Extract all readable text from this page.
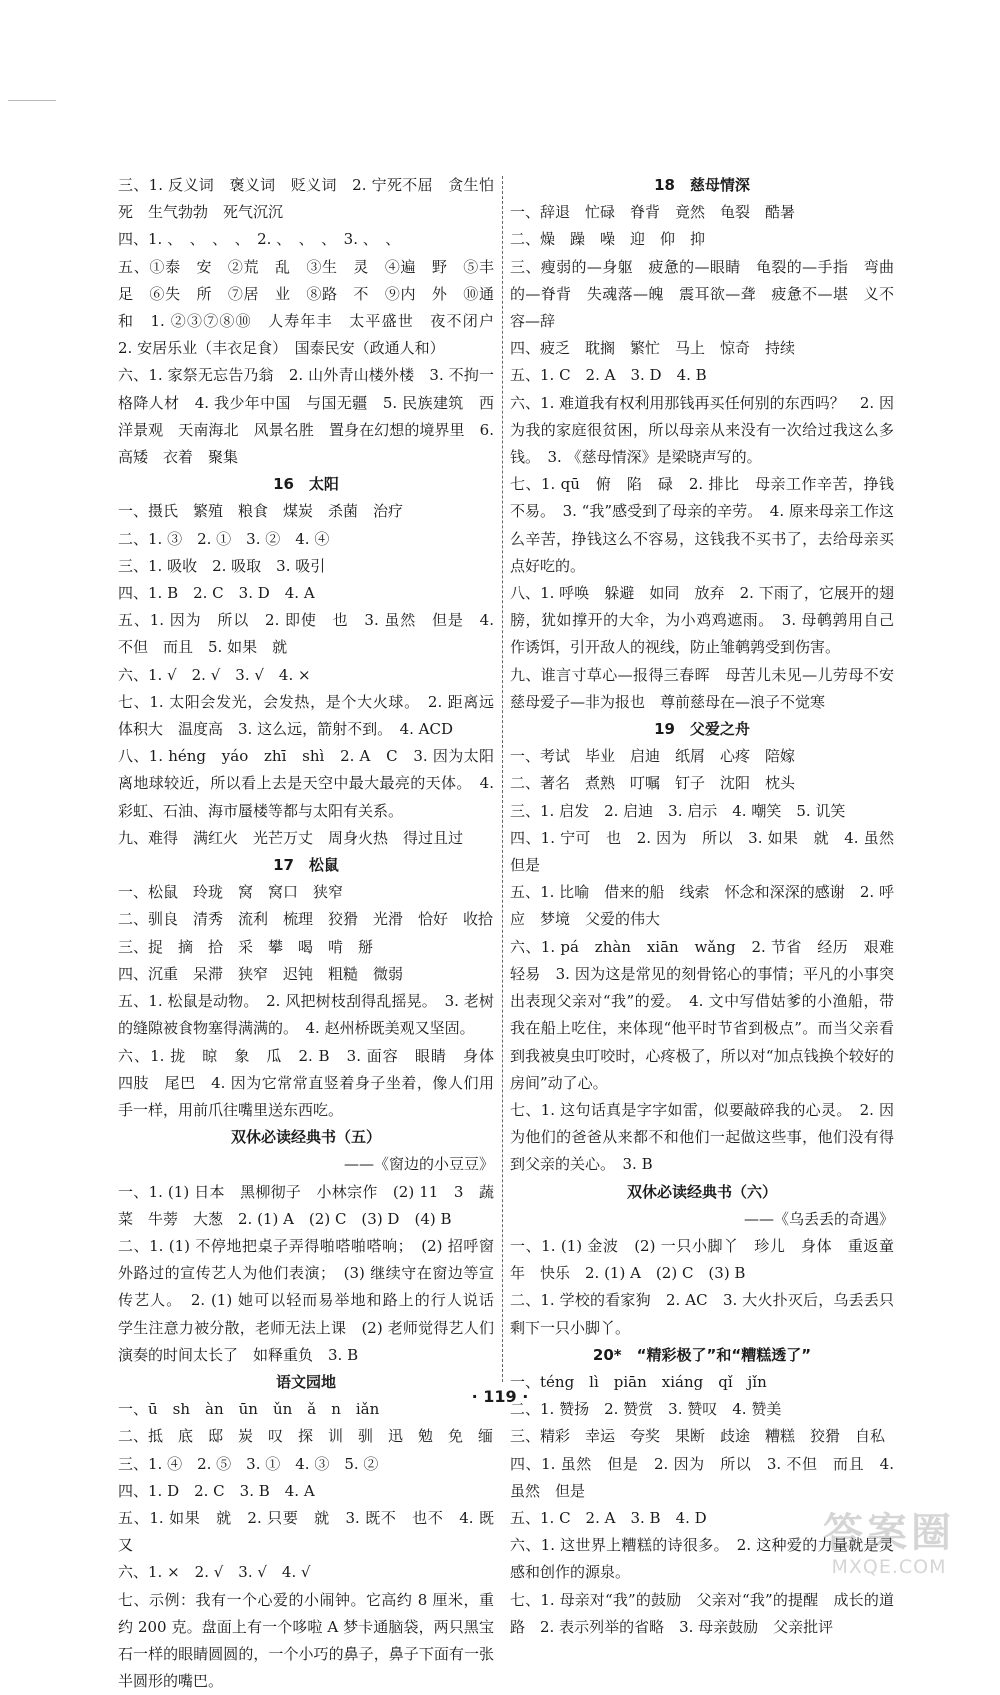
三、1. 反义词　褒义词　贬义词　2. 宁死不屈　贪生怕死　生气勃勃　死气沉沉

四、1. 、　、　、　、　2. 、　、　、　3. 、　、

五、①泰　安　②荒　乱　③生　灵　④遍　野　⑤丰　足　⑥失　所　⑦居　业　⑧路　不　⑨内　外　⑩通　和　1. ②③⑦⑧⑩　人寿年丰　太平盛世　夜不闭户　2. 安居乐业（丰衣足食）　国泰民安（政通人和）

六、1. 家祭无忘告乃翁　2. 山外青山楼外楼　3. 不拘一格降人材　4. 我少年中国　与国无疆　5. 民族建筑　西洋景观　天南海北　风景名胜　置身在幻想的境界里　6. 高矮　衣着　聚集

16　太阳

一、摄氏　繁殖　粮食　煤炭　杀菌　治疗

二、1. ③　2. ①　3. ②　4. ④

三、1. 吸收　2. 吸取　3. 吸引

四、1. B　2. C　3. D　4. A

五、1. 因为　所以　2. 即使　也　3. 虽然　但是　4. 不但　而且　5. 如果　就

六、1. √　2. √　3. √　4. ×

七、1. 太阳会发光，会发热，是个大火球。　2. 距离远　体积大　温度高　3. 这么远，箭射不到。　4. ACD

八、1. héng　yáo　zhī　shì　2. A　C　3. 因为太阳离地球较近，所以看上去是天空中最大最亮的天体。　4. 彩虹、石油、海市蜃楼等都与太阳有关系。

九、难得　满红火　光芒万丈　周身火热　得过且过

17　松鼠

一、松鼠　玲珑　窝　窝口　狭窄

二、驯良　清秀　流利　梳理　狡猾　光滑　恰好　收拾

三、捉　摘　拾　采　攀　喝　啃　掰

四、沉重　呆滞　狭窄　迟钝　粗糙　微弱

五、1. 松鼠是动物。　2. 风把树枝刮得乱摇晃。　3. 老树的缝隙被食物塞得满满的。　4. 赵州桥既美观又坚固。

六、1. 拢　晾　象　瓜　2. B　3. 面容　眼睛　身体　四肢　尾巴　4. 因为它常常直竖着身子坐着，像人们用手一样，用前爪往嘴里送东西吃。

双休必读经典书（五）

——《窗边的小豆豆》

一、1. (1) 日本　黑柳彻子　小林宗作　(2) 11　3　蔬菜　牛蒡　大葱　2. (1) A　(2) C　(3) D　(4) B

二、1. (1) 不停地把桌子弄得啪嗒啪嗒响；　(2) 招呼窗外路过的宣传艺人为他们表演；　(3) 继续守在窗边等宣传艺人。　2. (1) 她可以轻而易举地和路上的行人说话　学生注意力被分散，老师无法上课　(2) 老师觉得艺人们演奏的时间太长了　如释重负　3. B

语文园地

一、ū　sh　àn　ūn　ǔn　ǎ　n　iǎn

二、抵　底　邸　炭　叹　探　训　驯　迅　勉　免　缅

三、1. ④　2. ⑤　3. ①　4. ③　5. ②

四、1. D　2. C　3. B　4. A

五、1. 如果　就　2. 只要　就　3. 既不　也不　4. 既　又

六、1. ×　2. √　3. √　4. √

七、示例：我有一个心爱的小闹钟。它高约 8 厘米，重约 200 克。盘面上有一个哆啦 A 梦卡通脑袋，两只黑宝石一样的眼睛圆圆的，一个小巧的鼻子，鼻子下面有一张半圆形的嘴巴。

18　慈母情深

一、辞退　忙碌　脊背　竟然　龟裂　酷暑

二、燥　躁　噪　迎　仰　抑

三、瘦弱的—身躯　疲惫的—眼睛　龟裂的—手指　弯曲的—脊背　失魂落—魄　震耳欲—聋　疲惫不—堪　义不容—辞

四、疲乏　耽搁　繁忙　马上　惊奇　持续

五、1. C　2. A　3. D　4. B

六、1. 难道我有权利用那钱再买任何别的东西吗？　2. 因为我的家庭很贫困，所以母亲从来没有一次给过我这么多钱。　3. 《慈母情深》是梁晓声写的。

七、1. qū　俯　陷　碌　2. 排比　母亲工作辛苦，挣钱不易。　3. “我”感受到了母亲的辛劳。　4. 原来母亲工作这么辛苦，挣钱这么不容易，这钱我不买书了，去给母亲买点好吃的。

八、1. 呼唤　躲避　如同　放弃　2. 下雨了，它展开的翅膀，犹如撑开的大伞，为小鸡鸡遮雨。　3. 母鹌鹑用自己作诱饵，引开敌人的视线，防止雏鹌鹑受到伤害。

九、谁言寸草心—报得三春晖　母苦儿未见—儿劳母不安　慈母爱子—非为报也　尊前慈母在—浪子不觉寒

19　父爱之舟

一、考试　毕业　启迪　纸屑　心疼　陪嫁

二、著名　煮熟　叮嘱　钉子　沈阳　枕头

三、1. 启发　2. 启迪　3. 启示　4. 嘲笑　5. 讥笑

四、1. 宁可　也　2. 因为　所以　3. 如果　就　4. 虽然　但是

五、1. 比喻　借来的船　线索　怀念和深深的感谢　2. 呼应　梦境　父爱的伟大

六、1. pá　zhàn　xiān　wǎng　2. 节省　经历　艰难　轻易　3. 因为这是常见的刻骨铭心的事情；平凡的小事突出表现父亲对“我”的爱。　4. 文中写借姑爹的小渔船，带我在船上吃住，来体现“他平时节省到极点”。而当父亲看到我被臭虫叮咬时，心疼极了，所以对“加点钱换个较好的房间”动了心。

七、1. 这句话真是字字如雷，似要敲碎我的心灵。　2. 因为他们的爸爸从来都不和他们一起做这些事，他们没有得到父亲的关心。　3. B

双休必读经典书（六）

——《乌丢丢的奇遇》

一、1. (1) 金波　(2) 一只小脚丫　珍儿　身体　重返童年　快乐　2. (1) A　(2) C　(3) B

二、1. 学校的看家狗　2. AC　3. 大火扑灭后，乌丢丢只剩下一只小脚丫。

20*　“精彩极了”和“糟糕透了”

一、téng　lì　piān　xiáng　qǐ　jǐn

二、1. 赞扬　2. 赞赏　3. 赞叹　4. 赞美

三、精彩　幸运　夸奖　果断　歧途　糟糕　狡猾　自私

四、1. 虽然　但是　2. 因为　所以　3. 不但　而且　4. 虽然　但是

五、1. C　2. A　3. B　4. D

六、1. 这世界上糟糕的诗很多。　2. 这种爱的力量就是灵感和创作的源泉。

七、1. 母亲对“我”的鼓励　父亲对“我”的提醒　成长的道路　2. 表示列举的省略　3. 母亲鼓励　父亲批评

· 119 ·
答案圈
MXQE.COM
